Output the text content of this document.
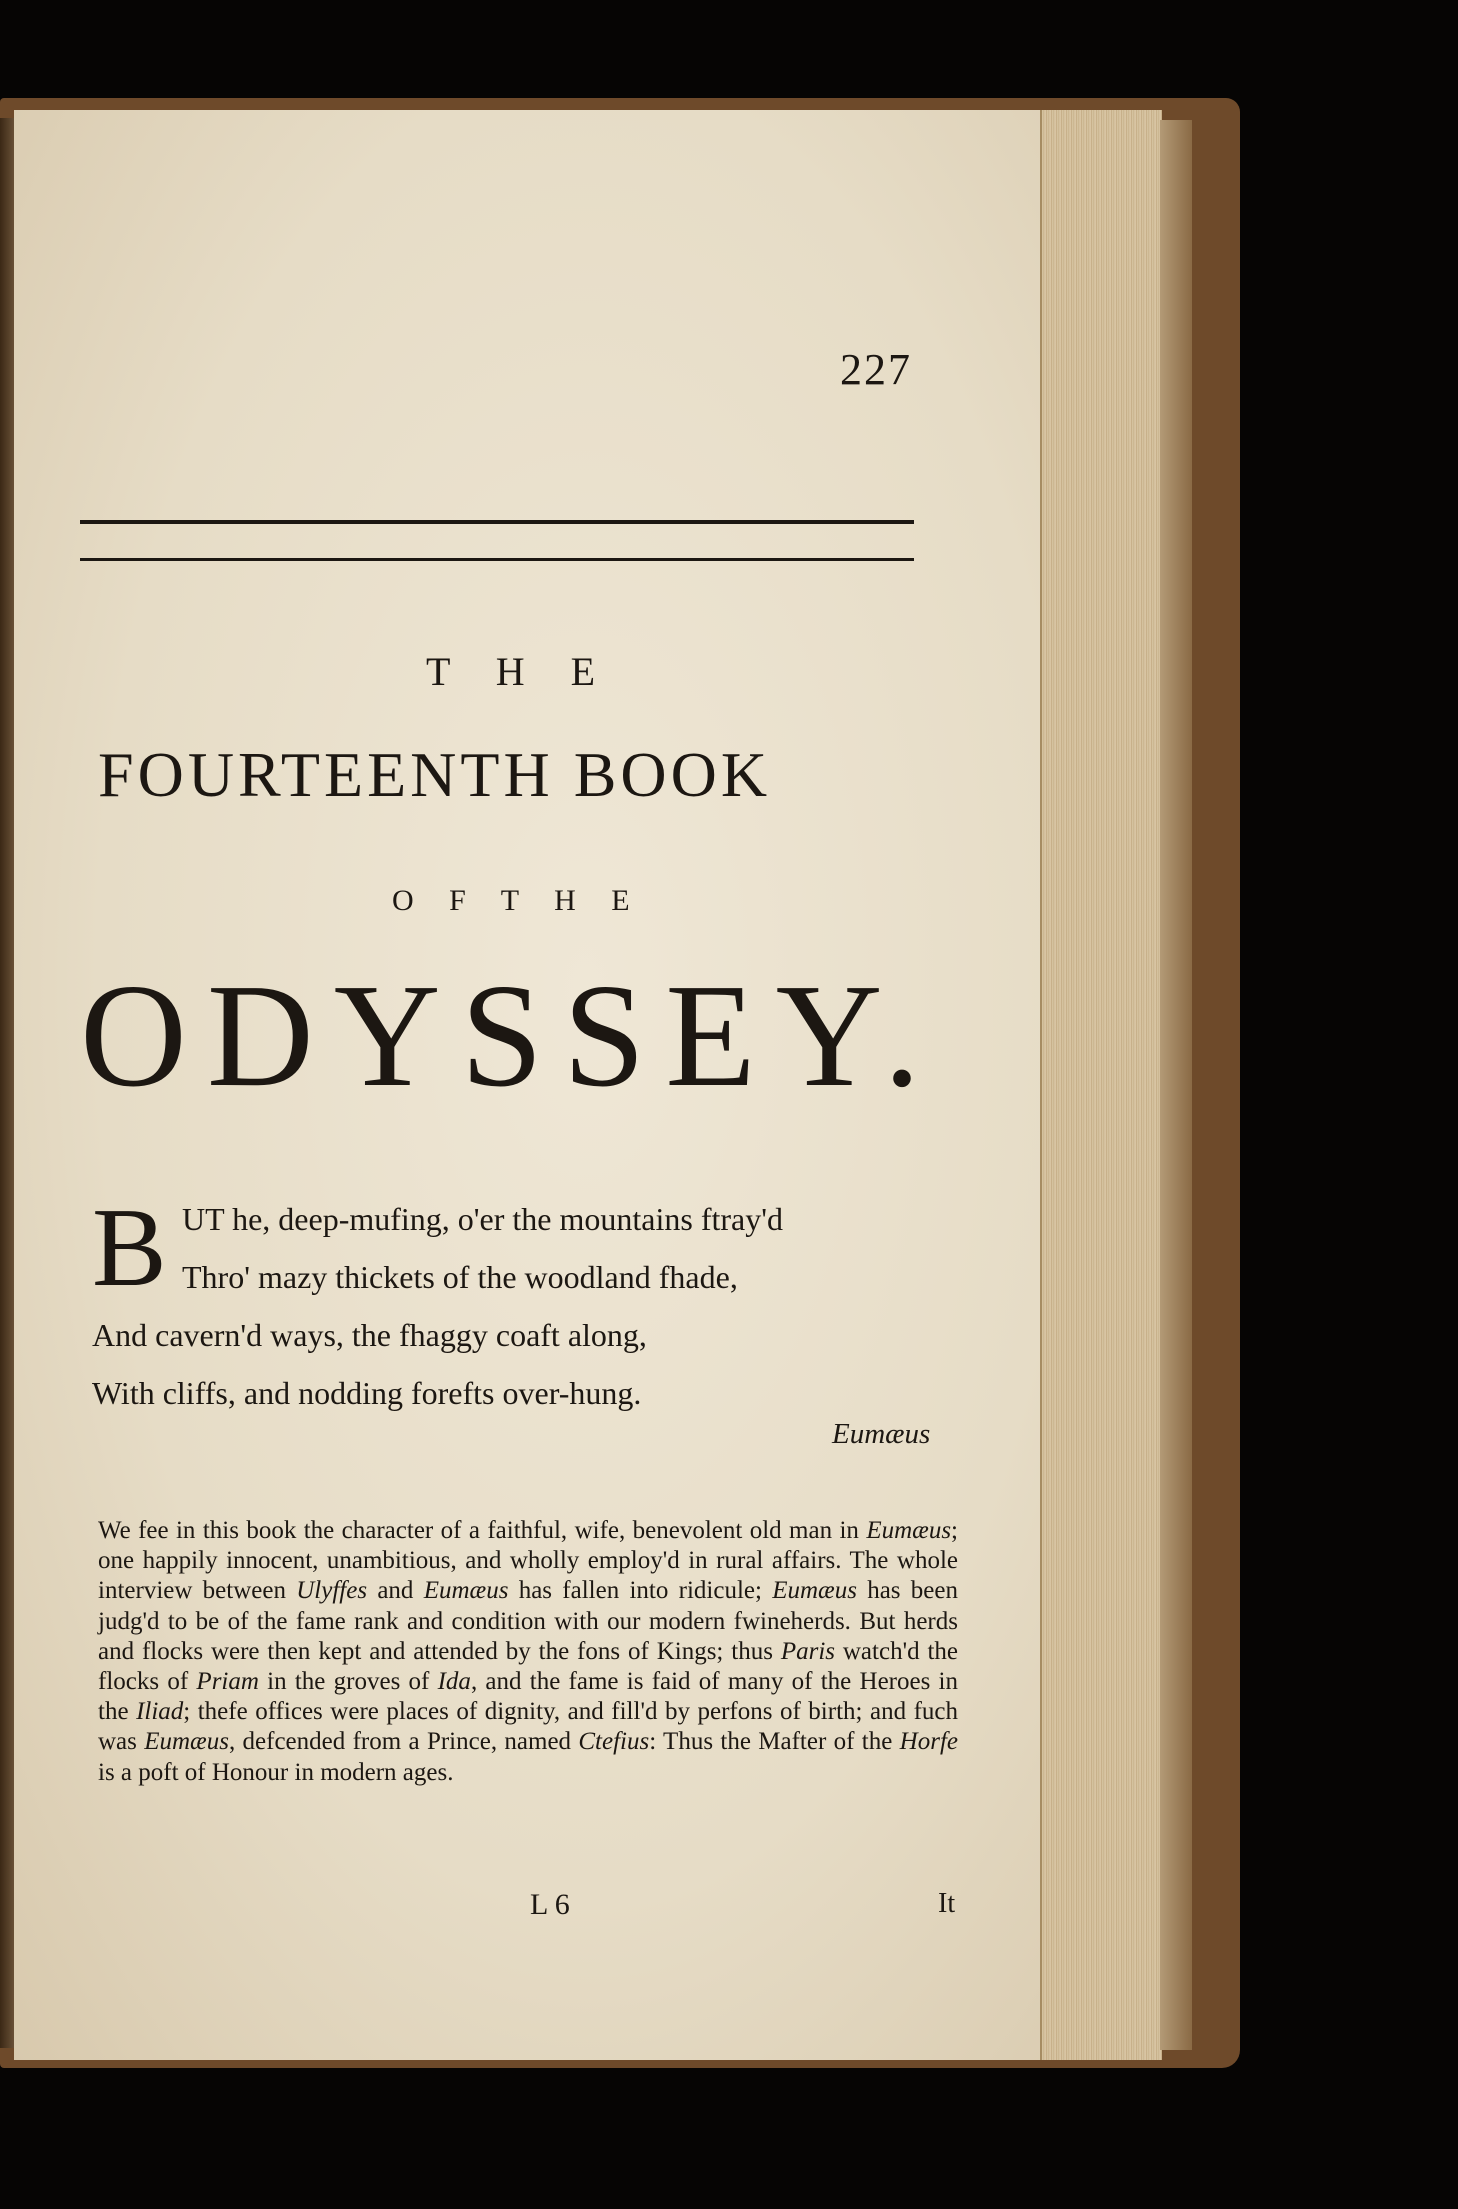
227
T H E
FOURTEENTH BOOK
O F T H E
ODYSSEY.
B UT he, deep-mufing, o'er the mountains ftray'd
Thro' mazy thickets of the woodland fhade,
And cavern'd ways, the fhaggy coaft along,
With cliffs, and nodding forefts over-hung.
Eumæus
We fee in this book the character of a faithful, wife, benevolent old man in Eumæus; one happily innocent, unambitious, and wholly employ'd in rural affairs. The whole interview between Ulyffes and Eumæus has fallen into ridicule; Eumæus has been judg'd to be of the fame rank and condition with our modern fwineherds. But herds and flocks were then kept and attended by the fons of Kings; thus Paris watch'd the flocks of Priam in the groves of Ida, and the fame is faid of many of the Heroes in the Iliad; thefe offices were places of dignity, and fill'd by perfons of birth; and fuch was Eumæus, defcended from a Prince, named Ctefius: Thus the Mafter of the Horfe is a poft of Honour in modern ages.
L 6	It
